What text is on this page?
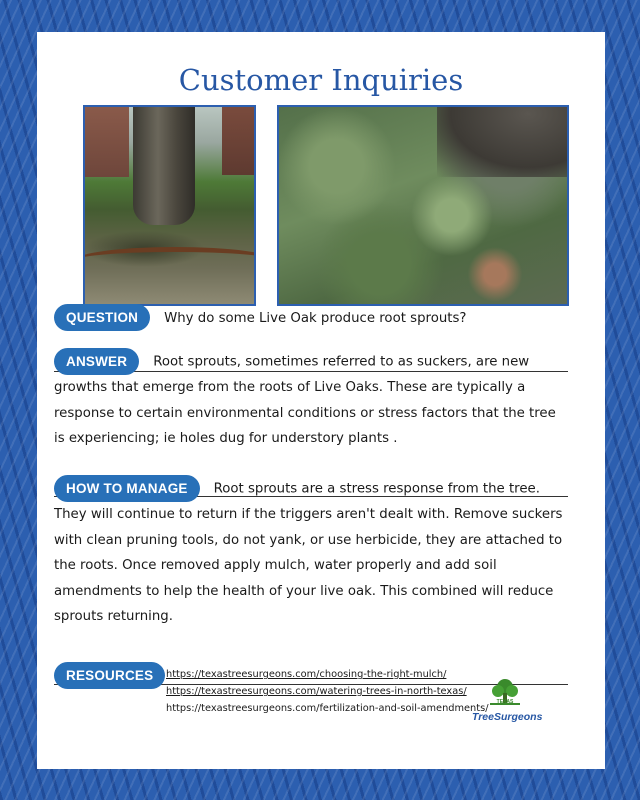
Customer Inquiries
QUESTION Why do some Live Oak produce root sprouts?
ANSWER Root sprouts, sometimes referred to as suckers, are new growths that emerge from the roots of Live Oaks. These are typically a response to certain environmental conditions or stress factors that the tree is experiencing; ie holes dug for understory plants .
HOW TO MANAGE Root sprouts are a stress response from the tree. They will continue to return if the triggers aren't dealt with. Remove suckers with clean pruning tools, do not yank, or use herbicide, they are attached to the roots. Once removed apply mulch, water properly and add soil amendments to help the health of your live oak. This combined will reduce sprouts returning.
RESOURCES	https://texastreesurgeons.com/choosing-the-right-mulch/
https://texastreesurgeons.com/watering-trees-in-north-texas/
https://texastreesurgeons.com/fertilization-and-soil-amendments/
TEXAS
TreeSurgeons
